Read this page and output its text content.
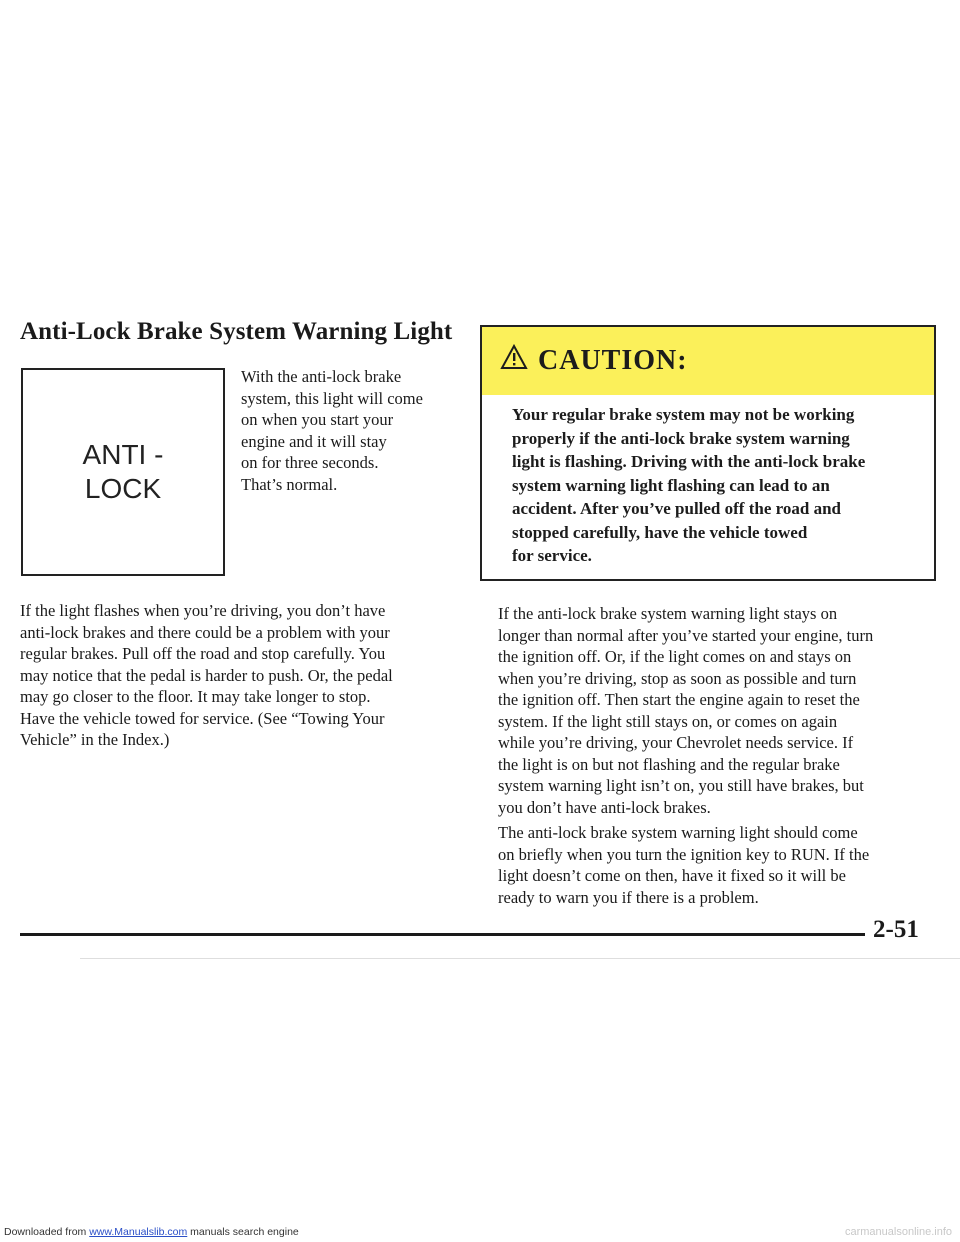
Anti-Lock Brake System Warning Light
ANTI -
LOCK

With the anti-lock brake
system, this light will come
on when you start your
engine and it will stay
on for three seconds.
That’s normal.

If the light flashes when you’re driving, you don’t have
anti-lock brakes and there could be a problem with your
regular brakes. Pull off the road and stop carefully. You
may notice that the pedal is harder to push. Or, the pedal
may go closer to the floor. It may take longer to stop.
Have the vehicle towed for service. (See “Towing Your
Vehicle” in the Index.)

CAUTION:

Your regular brake system may not be working
properly if the anti-lock brake system warning
light is flashing. Driving with the anti-lock brake
system warning light flashing can lead to an
accident. After you’ve pulled off the road and
stopped carefully, have the vehicle towed
for service.

If the anti-lock brake system warning light stays on
longer than normal after you’ve started your engine, turn
the ignition off. Or, if the light comes on and stays on
when you’re driving, stop as soon as possible and turn
the ignition off. Then start the engine again to reset the
system. If the light still stays on, or comes on again
while you’re driving, your Chevrolet needs service. If
the light is on but not flashing and the regular brake
system warning light isn’t on, you still have brakes, but
you don’t have anti-lock brakes.

The anti-lock brake system warning light should come
on briefly when you turn the ignition key to RUN. If the
light doesn’t come on then, have it fixed so it will be
ready to warn you if there is a problem.

2-51

Downloaded from www.Manualslib.com manuals search engine	carmanualsonline.info
